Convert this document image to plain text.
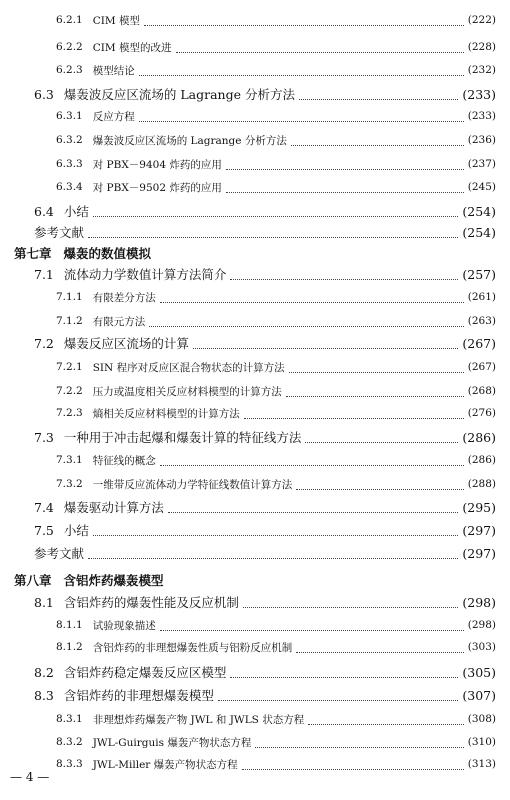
6.2.1 CIM 模型	(222)
6.2.2 CIM 模型的改进	(228)
6.2.3 模型结论	(232)
6.3 爆轰波反应区流场的 Lagrange 分析方法	(233)
6.3.1 反应方程	(233)
6.3.2 爆轰波反应区流场的 Lagrange 分析方法	(236)
6.3.3 对 PBX－9404 炸药的应用	(237)
6.3.4 对 PBX－9502 炸药的应用	(245)
6.4 小结	(254)
参考文献	(254)
第七章 爆轰的数值模拟
7.1 流体动力学数值计算方法简介	(257)
7.1.1 有限差分方法	(261)
7.1.2 有限元方法	(263)
7.2 爆轰反应区流场的计算	(267)
7.2.1 SIN 程序对反应区混合物状态的计算方法	(267)
7.2.2 压力或温度相关反应材料模型的计算方法	(268)
7.2.3 熵相关反应材料模型的计算方法	(276)
7.3 一种用于冲击起爆和爆轰计算的特征线方法	(286)
7.3.1 特征线的概念	(286)
7.3.2 一维带反应流体动力学特征线数值计算方法	(288)
7.4 爆轰驱动计算方法	(295)
7.5 小结	(297)
参考文献	(297)
第八章 含铝炸药爆轰模型
8.1 含铝炸药的爆轰性能及反应机制	(298)
8.1.1 试验现象描述	(298)
8.1.2 含铝炸药的非理想爆轰性质与铝粉反应机制	(303)
8.2 含铝炸药稳定爆轰反应区模型	(305)
8.3 含铝炸药的非理想爆轰模型	(307)
8.3.1 非理想炸药爆轰产物 JWL 和 JWLS 状态方程	(308)
8.3.2 JWL-Guirguis 爆轰产物状态方程	(310)
8.3.3 JWL-Miller 爆轰产物状态方程	(313)
— 4 —
